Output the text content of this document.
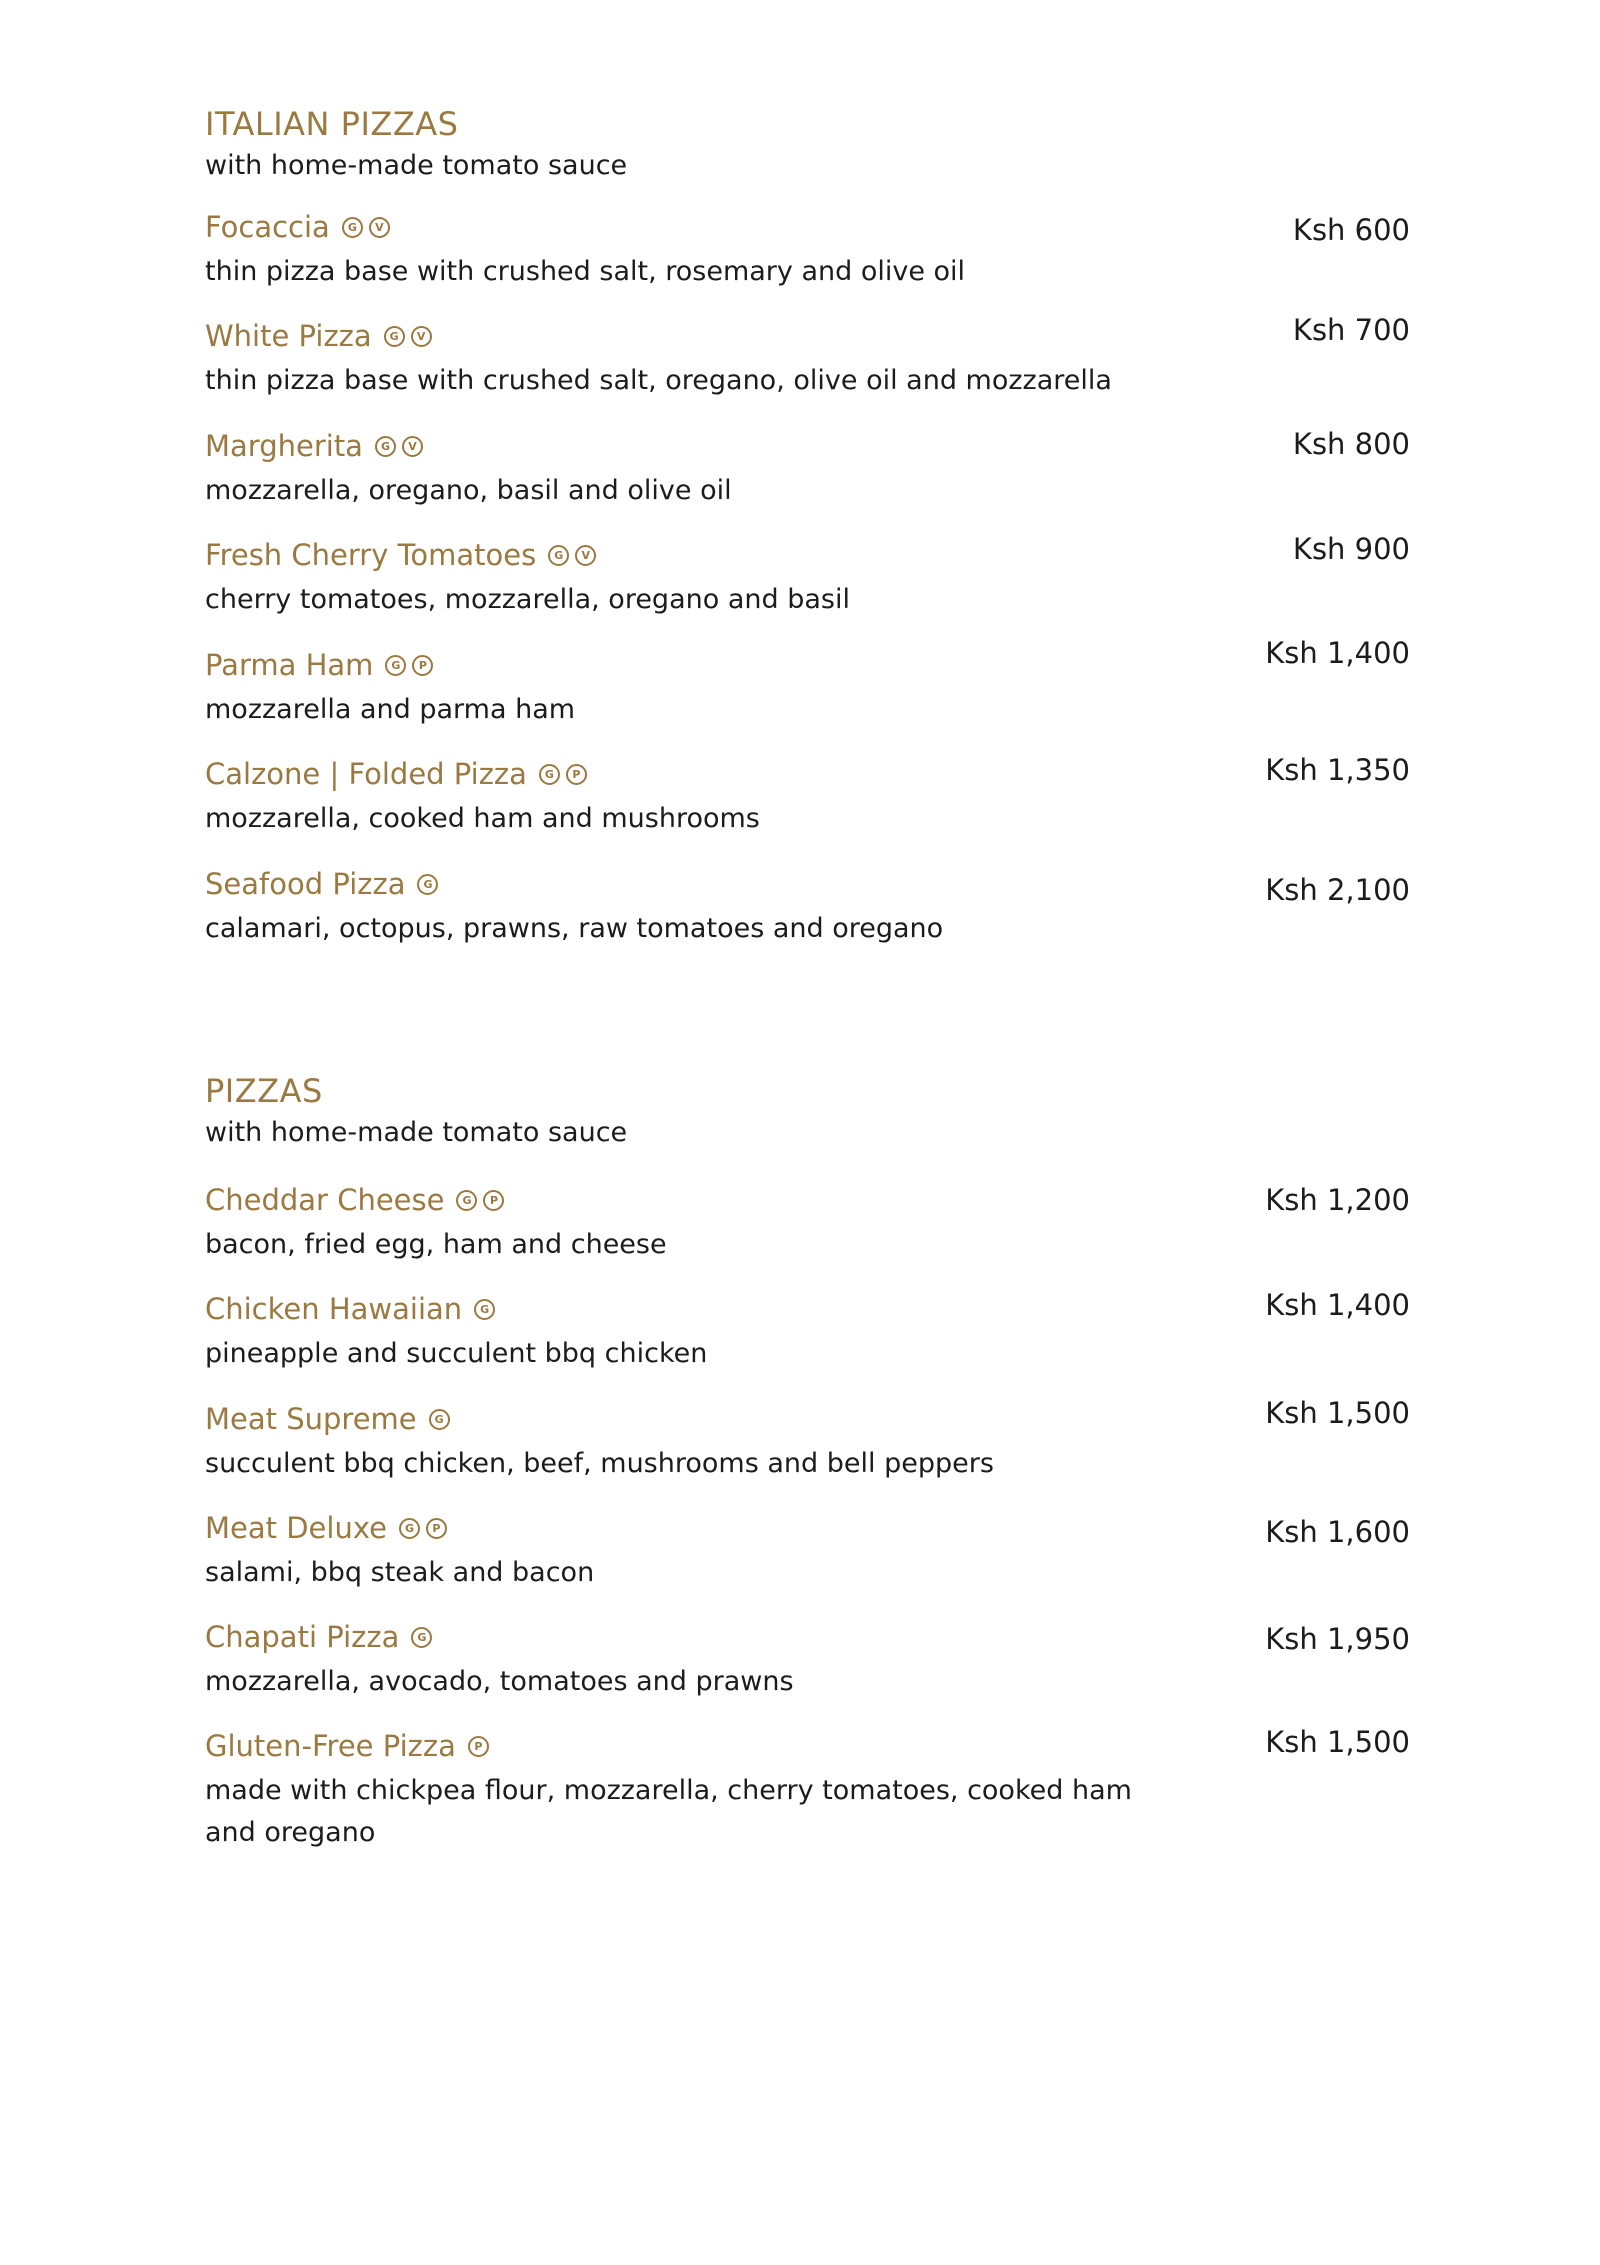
ITALIAN PIZZAS
with home-made tomato sauce
Focaccia	G	V
thin pizza base with crushed salt, rosemary and olive oil
Ksh 600
White Pizza	G	V
thin pizza base with crushed salt, oregano, olive oil and mozzarella
Ksh 700
Margherita	G	V
mozzarella, oregano, basil and olive oil
Ksh 800
Fresh Cherry Tomatoes	G	V
cherry tomatoes, mozzarella, oregano and basil
Ksh 900
Parma Ham	G	P
mozzarella and parma ham
Ksh 1,400
Calzone | Folded Pizza	G	P
mozzarella, cooked ham and mushrooms
Ksh 1,350
Seafood Pizza	G
calamari, octopus, prawns, raw tomatoes and oregano
Ksh 2,100
PIZZAS
with home-made tomato sauce
Cheddar Cheese	G	P
bacon, fried egg, ham and cheese
Ksh 1,200
Chicken Hawaiian	G
pineapple and succulent bbq chicken
Ksh 1,400
Meat Supreme	G
succulent bbq chicken, beef, mushrooms and bell peppers
Ksh 1,500
Meat Deluxe	G	P
salami, bbq steak and bacon
Ksh 1,600
Chapati Pizza	G
mozzarella, avocado, tomatoes and prawns
Ksh 1,950
Gluten-Free Pizza	P
made with chickpea flour, mozzarella, cherry tomatoes, cooked ham and oregano
Ksh 1,500
